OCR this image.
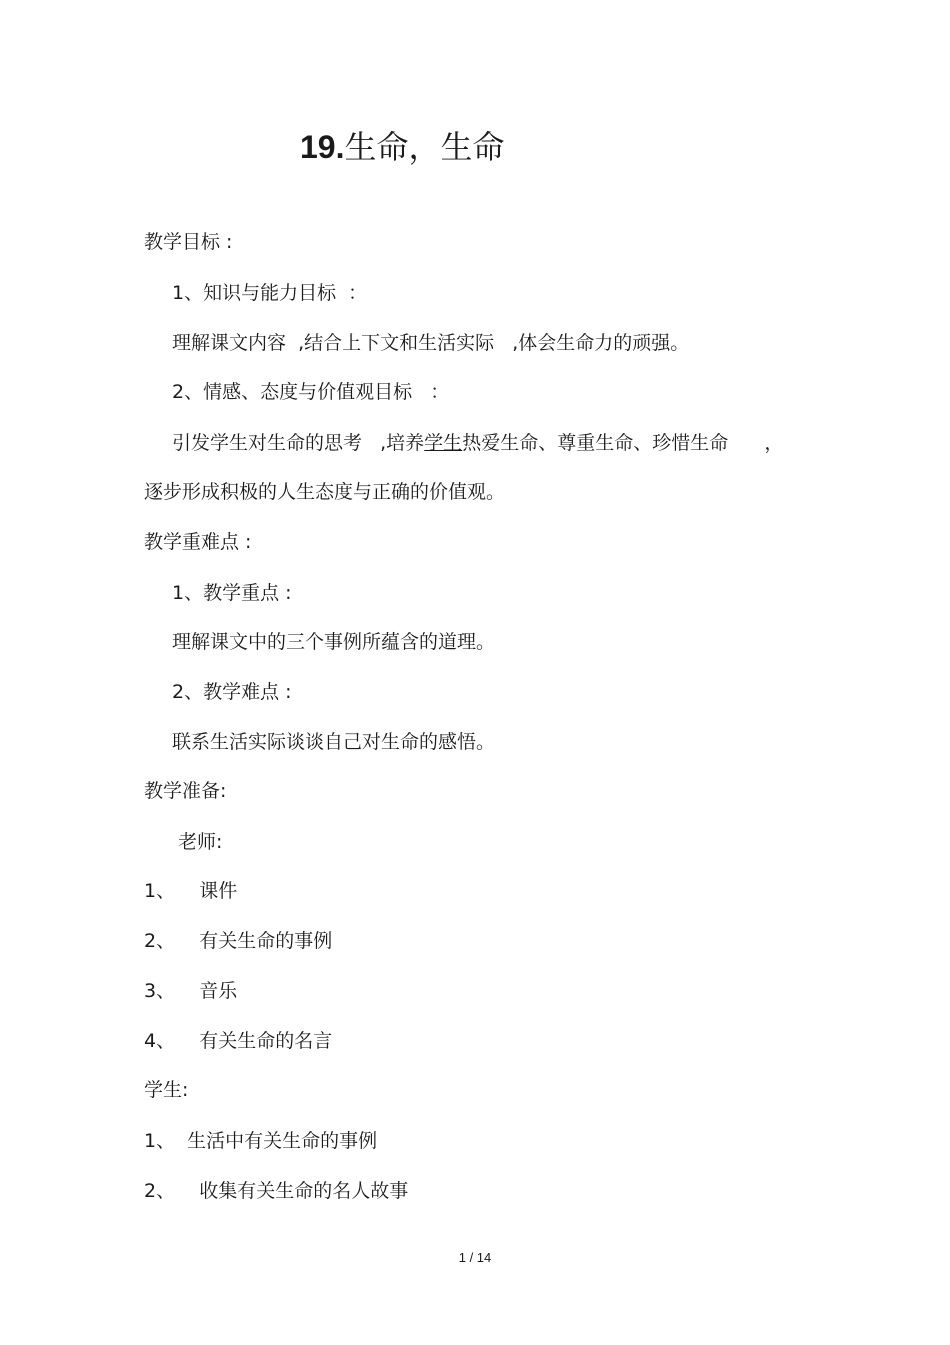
19.生命，生命
教学目标 :
1、知识与能力目标  ：
理解课文内容  ,结合上下文和生活实际   ,体会生命力的顽强。
2、情感、态度与价值观目标   ：
引发学生对生命的思考   ,培养学生热爱生命、尊重生命、珍惜生命      ，
逐步形成积极的人生态度与正确的价值观。
教学重难点 :
1、教学重点 :
理解课文中的三个事例所蕴含的道理。
2、教学难点 :
联系生活实际谈谈自己对生命的感悟。
教学准备:
老师:
1、    课件
2、    有关生命的事例
3、    音乐
4、    有关生命的名言
学生:
1、  生活中有关生命的事例
2、    收集有关生命的名人故事
1 / 14
